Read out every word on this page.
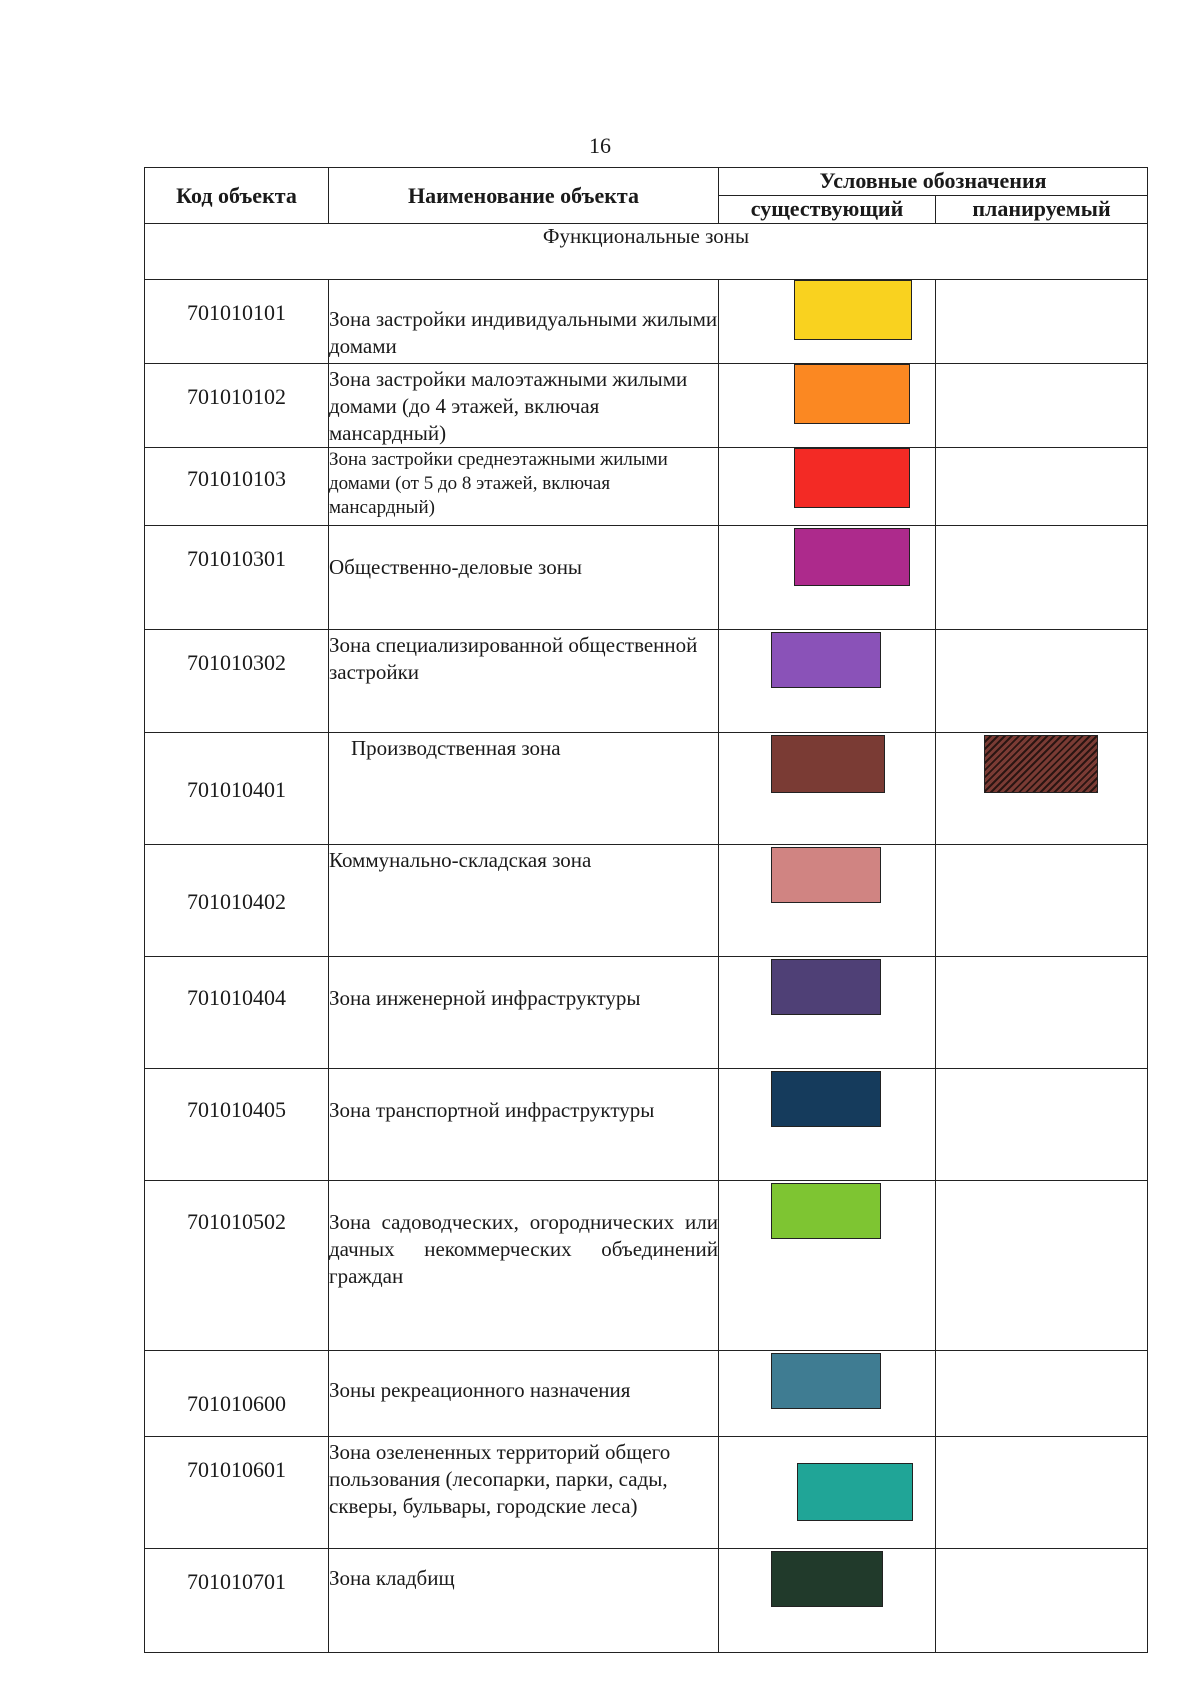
16
Код объекта	Наименование объекта	Условные обозначения	
		существующий	планируемый
Функциональные зоны			
701010101	Зона застройки индивидуальными жилыми домами	

701010102	Зона застройки малоэтажными жилыми домами (до 4 этажей, включая мансардный)	

701010103	Зона застройки среднеэтажными жилыми домами (от 5 до 8 этажей, включая мансардный)	

701010301	Общественно-деловые зоны	

701010302	Зона специализированной общественной застройки	

701010401	Производственная зона	

701010402	Коммунально-складская зона	

701010404	Зона инженерной инфраструктуры	

701010405	Зона транспортной инфраструктуры	

701010502	Зона садоводческих, огороднических или дачных некоммерческих объединений граждан	

701010600	Зоны рекреационного назначения	

701010601	Зона озелененных территорий общего пользования (лесопарки, парки, сады, скверы, бульвары, городские леса)	

701010701	Зона кладбищ	
